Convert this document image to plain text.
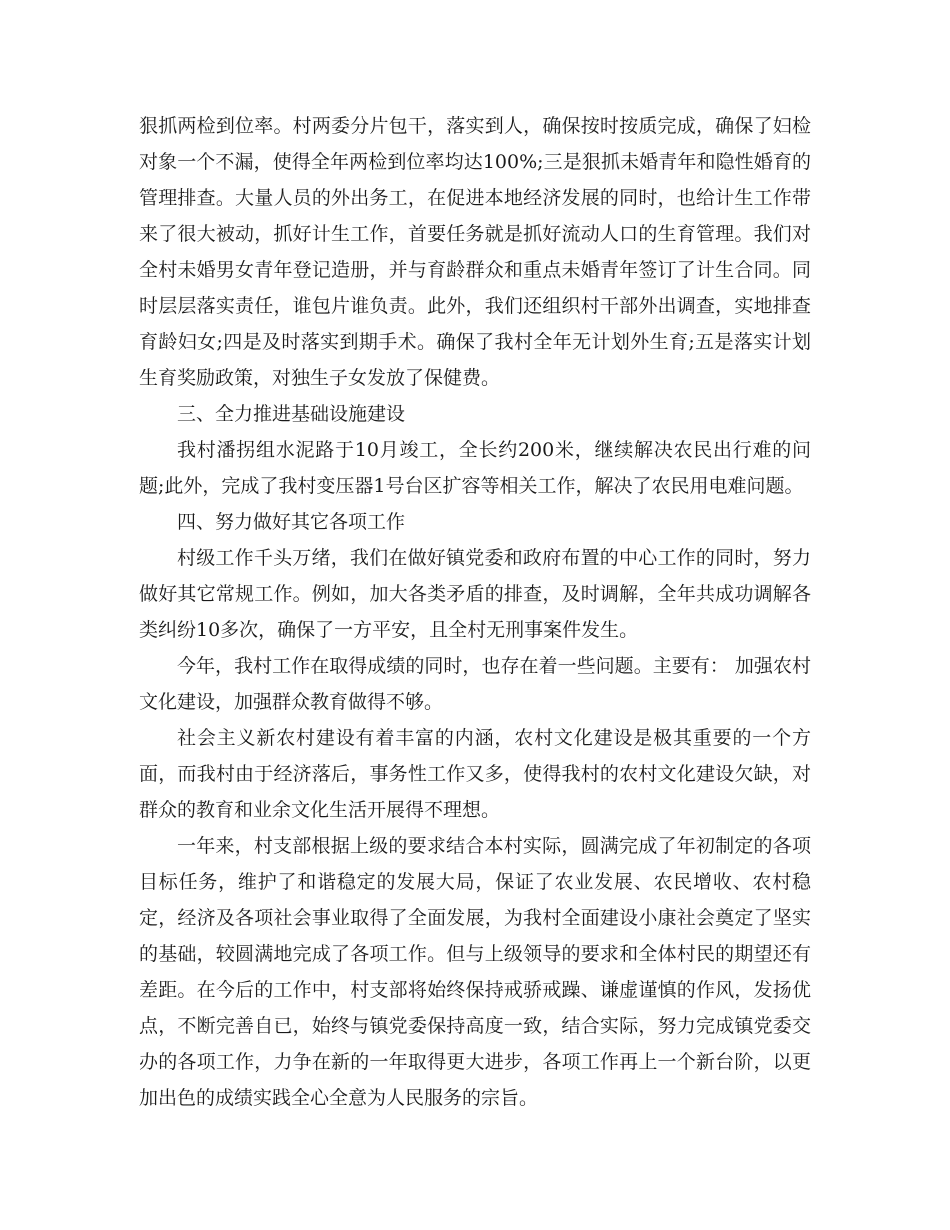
狠抓两检到位率。村两委分片包干，落实到人，确保按时按质完成，确保了妇检对象一个不漏，使得全年两检到位率均达100%;三是狠抓未婚青年和隐性婚育的管理排查。大量人员的外出务工，在促进本地经济发展的同时，也给计生工作带来了很大被动，抓好计生工作，首要任务就是抓好流动人口的生育管理。我们对全村未婚男女青年登记造册，并与育龄群众和重点未婚青年签订了计生合同。同时层层落实责任，谁包片谁负责。此外，我们还组织村干部外出调查，实地排查育龄妇女;四是及时落实到期手术。确保了我村全年无计划外生育;五是落实计划生育奖励政策，对独生子女发放了保健费。

三、全力推进基础设施建设

我村潘拐组水泥路于10月竣工，全长约200米，继续解决农民出行难的问题;此外，完成了我村变压器1号台区扩容等相关工作，解决了农民用电难问题。

四、努力做好其它各项工作

村级工作千头万绪，我们在做好镇党委和政府布置的中心工作的同时，努力做好其它常规工作。例如，加大各类矛盾的排查，及时调解，全年共成功调解各类纠纷10多次，确保了一方平安，且全村无刑事案件发生。

今年，我村工作在取得成绩的同时，也存在着一些问题。主要有： 加强农村文化建设，加强群众教育做得不够。

社会主义新农村建设有着丰富的内涵，农村文化建设是极其重要的一个方面，而我村由于经济落后，事务性工作又多，使得我村的农村文化建设欠缺，对群众的教育和业余文化生活开展得不理想。

一年来，村支部根据上级的要求结合本村实际，圆满完成了年初制定的各项目标任务，维护了和谐稳定的发展大局，保证了农业发展、农民增收、农村稳定，经济及各项社会事业取得了全面发展，为我村全面建设小康社会奠定了坚实的基础，较圆满地完成了各项工作。但与上级领导的要求和全体村民的期望还有差距。在今后的工作中，村支部将始终保持戒骄戒躁、谦虚谨慎的作风，发扬优点，不断完善自已，始终与镇党委保持高度一致，结合实际，努力完成镇党委交办的各项工作，力争在新的一年取得更大进步，各项工作再上一个新台阶，以更加出色的成绩实践全心全意为人民服务的宗旨。
